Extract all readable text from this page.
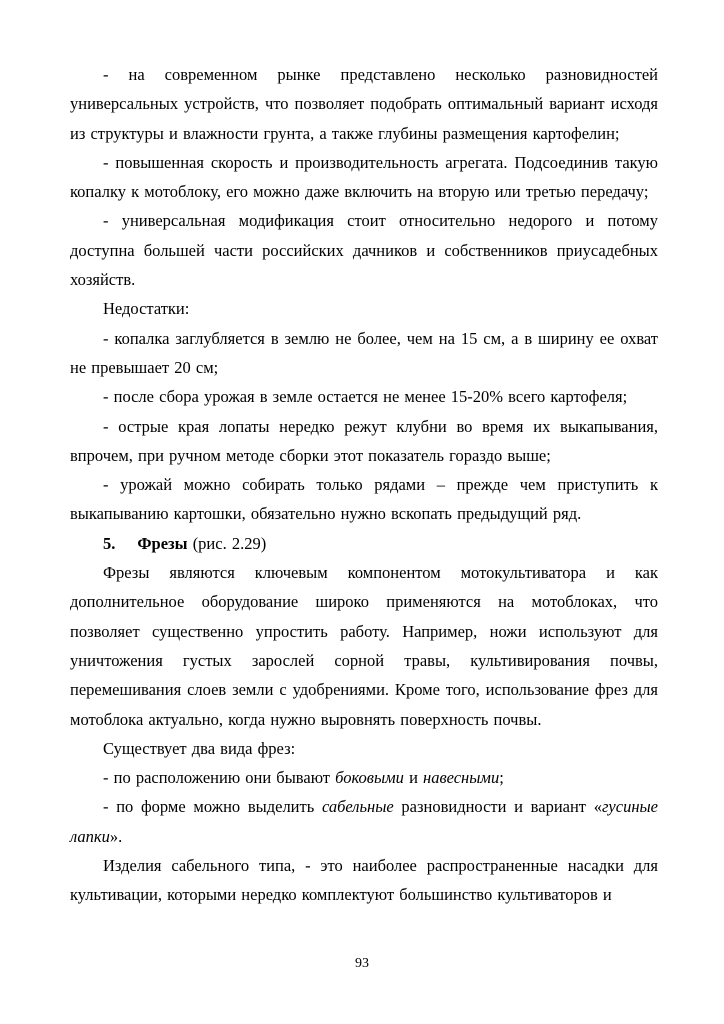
- на современном рынке представлено несколько разновидностей универсальных устройств, что позволяет подобрать оптимальный вариант исходя из структуры и влажности грунта, а также глубины размещения картофелин;

- повышенная скорость и производительность агрегата. Подсоединив такую копалку к мотоблоку, его можно даже включить на вторую или третью передачу;

- универсальная модификация стоит относительно недорого и потому доступна большей части российских дачников и собственников приусадебных хозяйств.

Недостатки:

- копалка заглубляется в землю не более, чем на 15 см, а в ширину ее охват не превышает 20 см;

- после сбора урожая в земле остается не менее 15-20% всего картофеля;

- острые края лопаты нередко режут клубни во время их выкапывания, впрочем, при ручном методе сборки этот показатель гораздо выше;

- урожай можно собирать только рядами – прежде чем приступить к выкапыванию картошки, обязательно нужно вскопать предыдущий ряд.

5. Фрезы (рис. 2.29)

Фрезы являются ключевым компонентом мотокультиватора и как дополнительное оборудование широко применяются на мотоблоках, что позволяет существенно упростить работу. Например, ножи используют для уничтожения густых зарослей сорной травы, культивирования почвы, перемешивания слоев земли с удобрениями. Кроме того, использование фрез для мотоблока актуально, когда нужно выровнять поверхность почвы.

Существует два вида фрез:

- по расположению они бывают боковыми и навесными;

- по форме можно выделить сабельные разновидности и вариант «гусиные лапки».

Изделия сабельного типа, - это наиболее распространенные насадки для культивации, которыми нередко комплектуют большинство культиваторов и

93
